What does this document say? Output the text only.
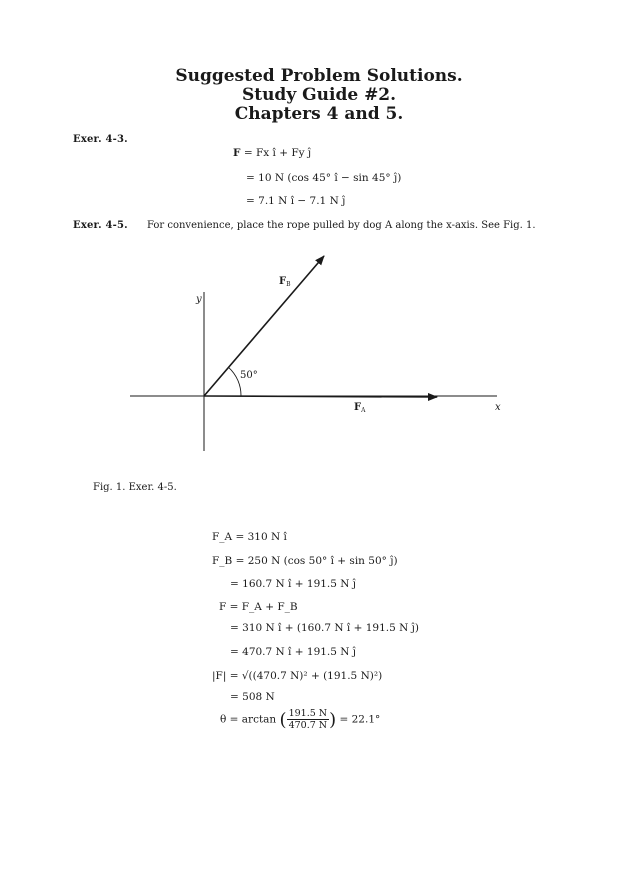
Suggested Problem Solutions.
Study Guide #2.
Chapters 4 and 5.
Exer. 4-3.
F = Fx î + Fy ĵ
= 10 N (cos 45° î − sin 45° ĵ)
= 7.1 N î − 7.1 N ĵ
Exer. 4-5. For convenience, place the rope pulled by dog A along the x-axis. See Fig. 1.
$F_B$
y
50°
$F_A$	x
Fig. 1. Exer. 4-5.
F_A = 310 N î
F_B = 250 N (cos 50° î + sin 50° ĵ)
= 160.7 N î + 191.5 N ĵ
F = F_A + F_B
= 310 N î + (160.7 N î + 191.5 N ĵ)
= 470.7 N î + 191.5 N ĵ
|F| = √((470.7 N)² + (191.5 N)²)
= 508 N
θ = arctan ( $\frac{191.5 N}{470.7 N}$ ) = 22.1°
